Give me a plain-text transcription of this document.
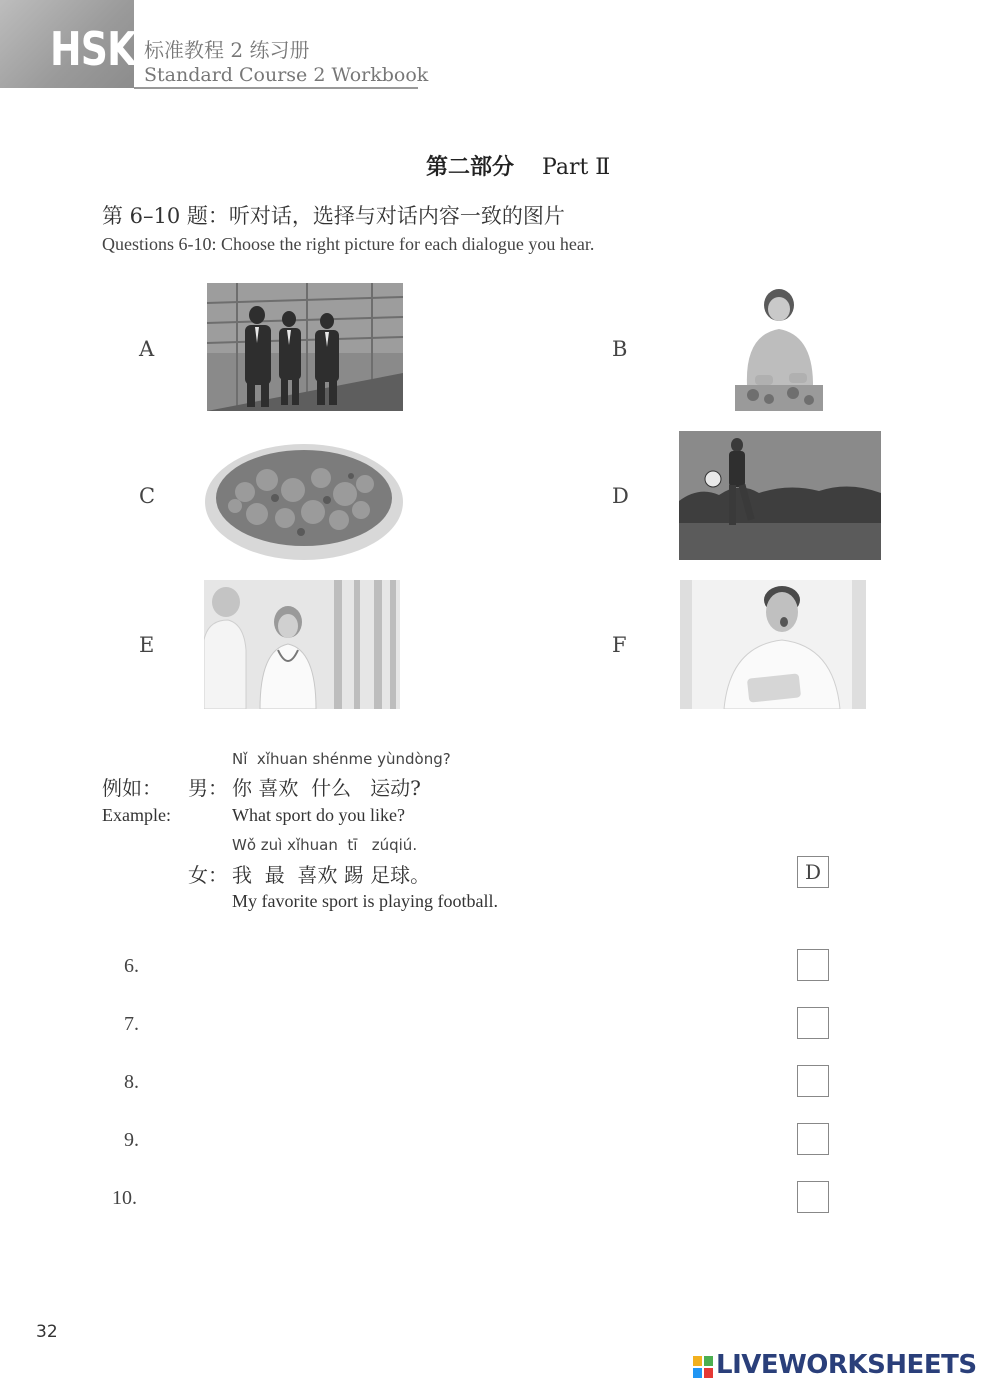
HSK 标准教程 2 练习册
Standard Course 2 Workbook
第二部分 Part Ⅱ
第 6–10 题：听对话，选择与对话内容一致的图片
Questions 6-10: Choose the right picture for each dialogue you hear.
A	B
C	D
E	F
Nǐ  xǐhuan shénme yùndòng?
例如： 男： 你 喜欢  什么   运动?
Example:	What sport do you like?
Wǒ zuì xǐhuan  tī   zúqiú.
女： 我  最  喜欢 踢 足球。
My favorite sport is playing football.
D
6.
7.
8.
9.
10.
32
LIVEWORKSHEETS
